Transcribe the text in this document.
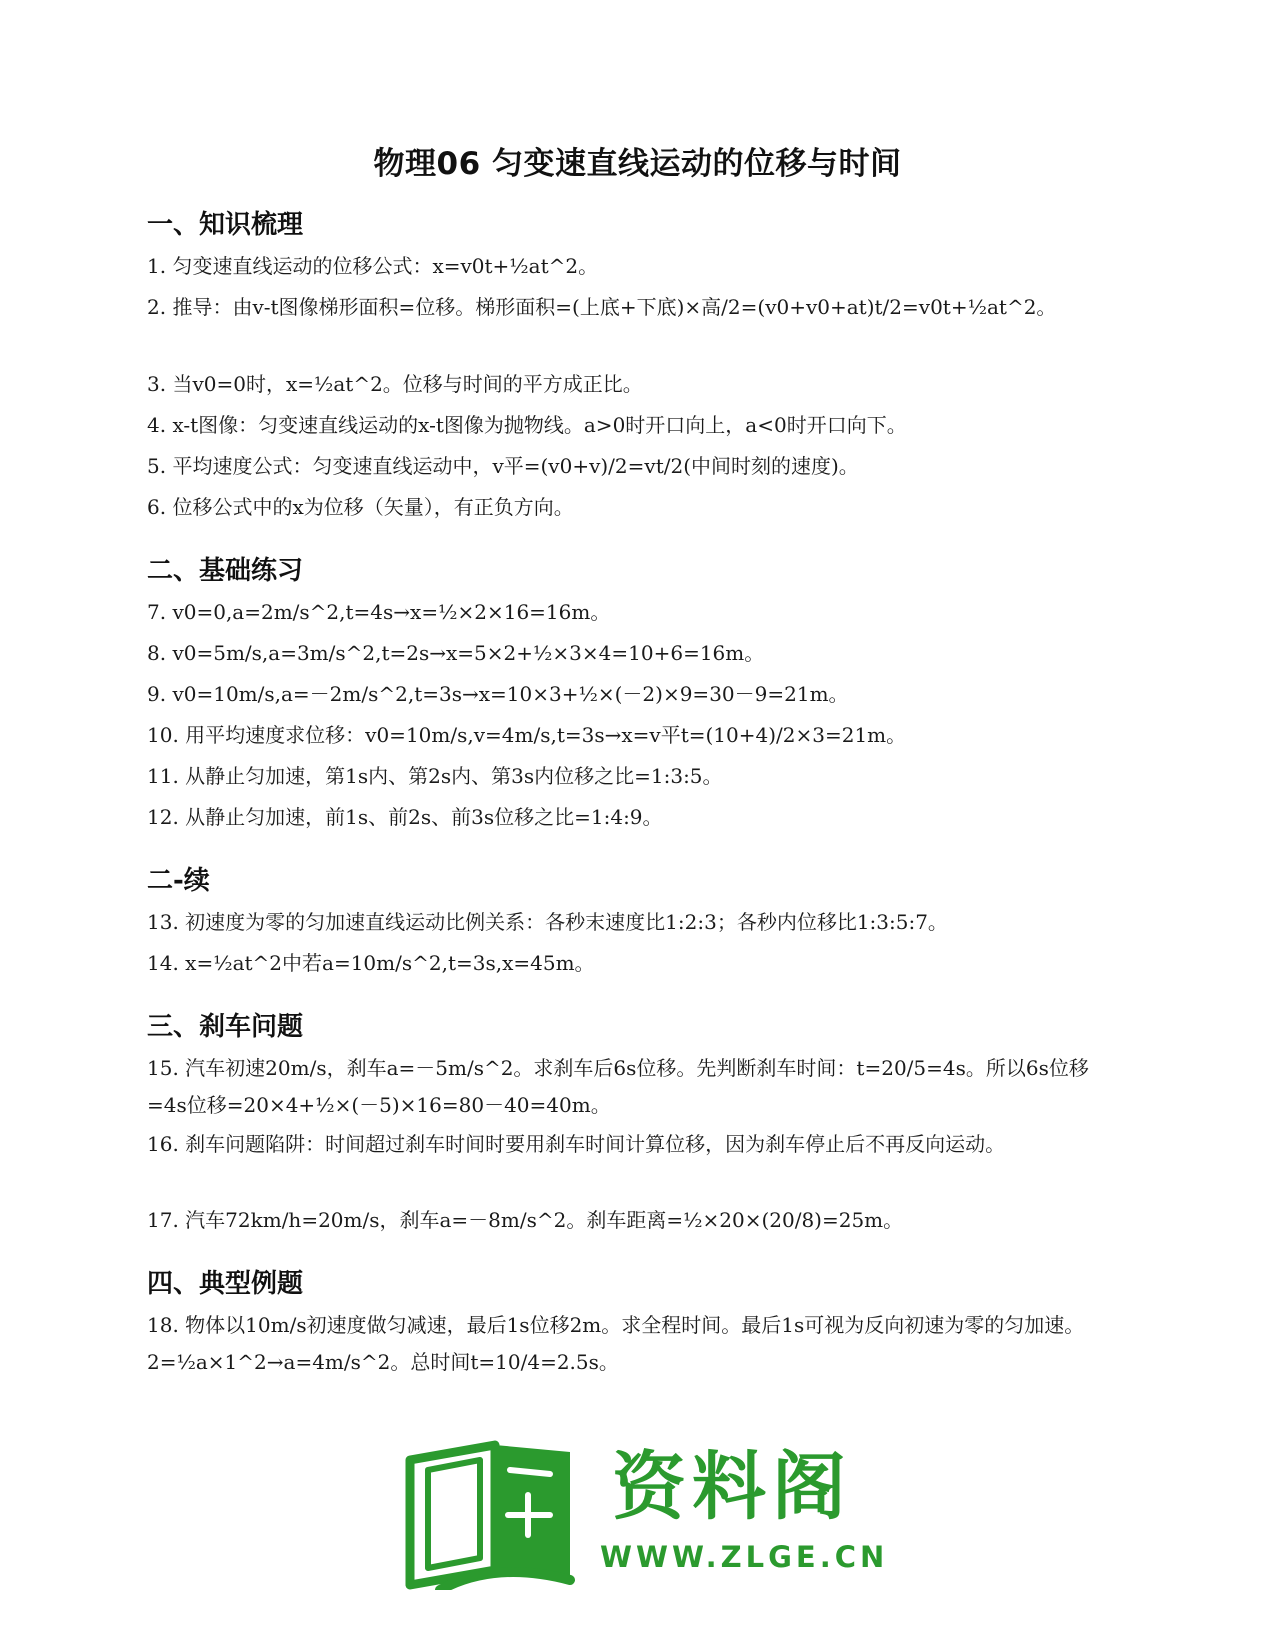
物理06 匀变速直线运动的位移与时间
一、知识梳理

1. 匀变速直线运动的位移公式：x=v0t+½at^2。

2. 推导：由v-t图像梯形面积=位移。梯形面积=(上底+下底)×高/2=(v0+v0+at)t/2=v0t+½at^2。

3. 当v0=0时，x=½at^2。位移与时间的平方成正比。

4. x-t图像：匀变速直线运动的x-t图像为抛物线。a>0时开口向上，a<0时开口向下。

5. 平均速度公式：匀变速直线运动中，v平=(v0+v)/2=vt/2(中间时刻的速度)。

6. 位移公式中的x为位移（矢量），有正负方向。

二、基础练习

7. v0=0,a=2m/s^2,t=4s→x=½×2×16=16m。

8. v0=5m/s,a=3m/s^2,t=2s→x=5×2+½×3×4=10+6=16m。

9. v0=10m/s,a=－2m/s^2,t=3s→x=10×3+½×(－2)×9=30－9=21m。

10. 用平均速度求位移：v0=10m/s,v=4m/s,t=3s→x=v平t=(10+4)/2×3=21m。

11. 从静止匀加速，第1s内、第2s内、第3s内位移之比=1:3:5。

12. 从静止匀加速，前1s、前2s、前3s位移之比=1:4:9。

二-续

13. 初速度为零的匀加速直线运动比例关系：各秒末速度比1:2:3；各秒内位移比1:3:5:7。

14. x=½at^2中若a=10m/s^2,t=3s,x=45m。

三、刹车问题

15. 汽车初速20m/s，刹车a=－5m/s^2。求刹车后6s位移。先判断刹车时间：t=20/5=4s。所以6s位移=4s位移=20×4+½×(－5)×16=80－40=40m。

16. 刹车问题陷阱：时间超过刹车时间时要用刹车时间计算位移，因为刹车停止后不再反向运动。

17. 汽车72km/h=20m/s，刹车a=－8m/s^2。刹车距离=½×20×(20/8)=25m。

四、典型例题

18. 物体以10m/s初速度做匀减速，最后1s位移2m。求全程时间。最后1s可视为反向初速为零的匀加速。2=½a×1^2→a=4m/s^2。总时间t=10/4=2.5s。

资料阁
WWW.ZLGE.CN
